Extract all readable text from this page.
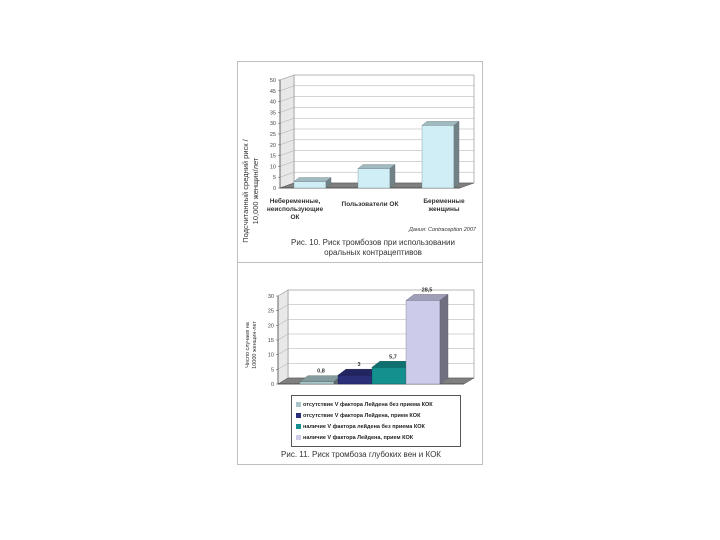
Подсчитанный средний риск / 10,000 женщин/лет
Дания: Contraception 2007
0
5
10
15
20
25
30
35
40
45
50
Небеременные, неиспользующие ОК
Пользователи ОК	Беременные женщины
Рис. 10. Риск тромбозов при использовании
оральных контрацептивов
Число случаев на 10000 женщин-лет
0
5
10
15
20
25
30
0,8
3
5,7
28,5
отсутствие V фактора Лейдена без приема КОК
отсутствие V фактора Лейдена, прием КОК
наличие V фактора лейдена без приема КОК
наличие V фактора Лейдена, прием КОК
Рис. 11. Риск тромбоза глубоких вен и КОК
